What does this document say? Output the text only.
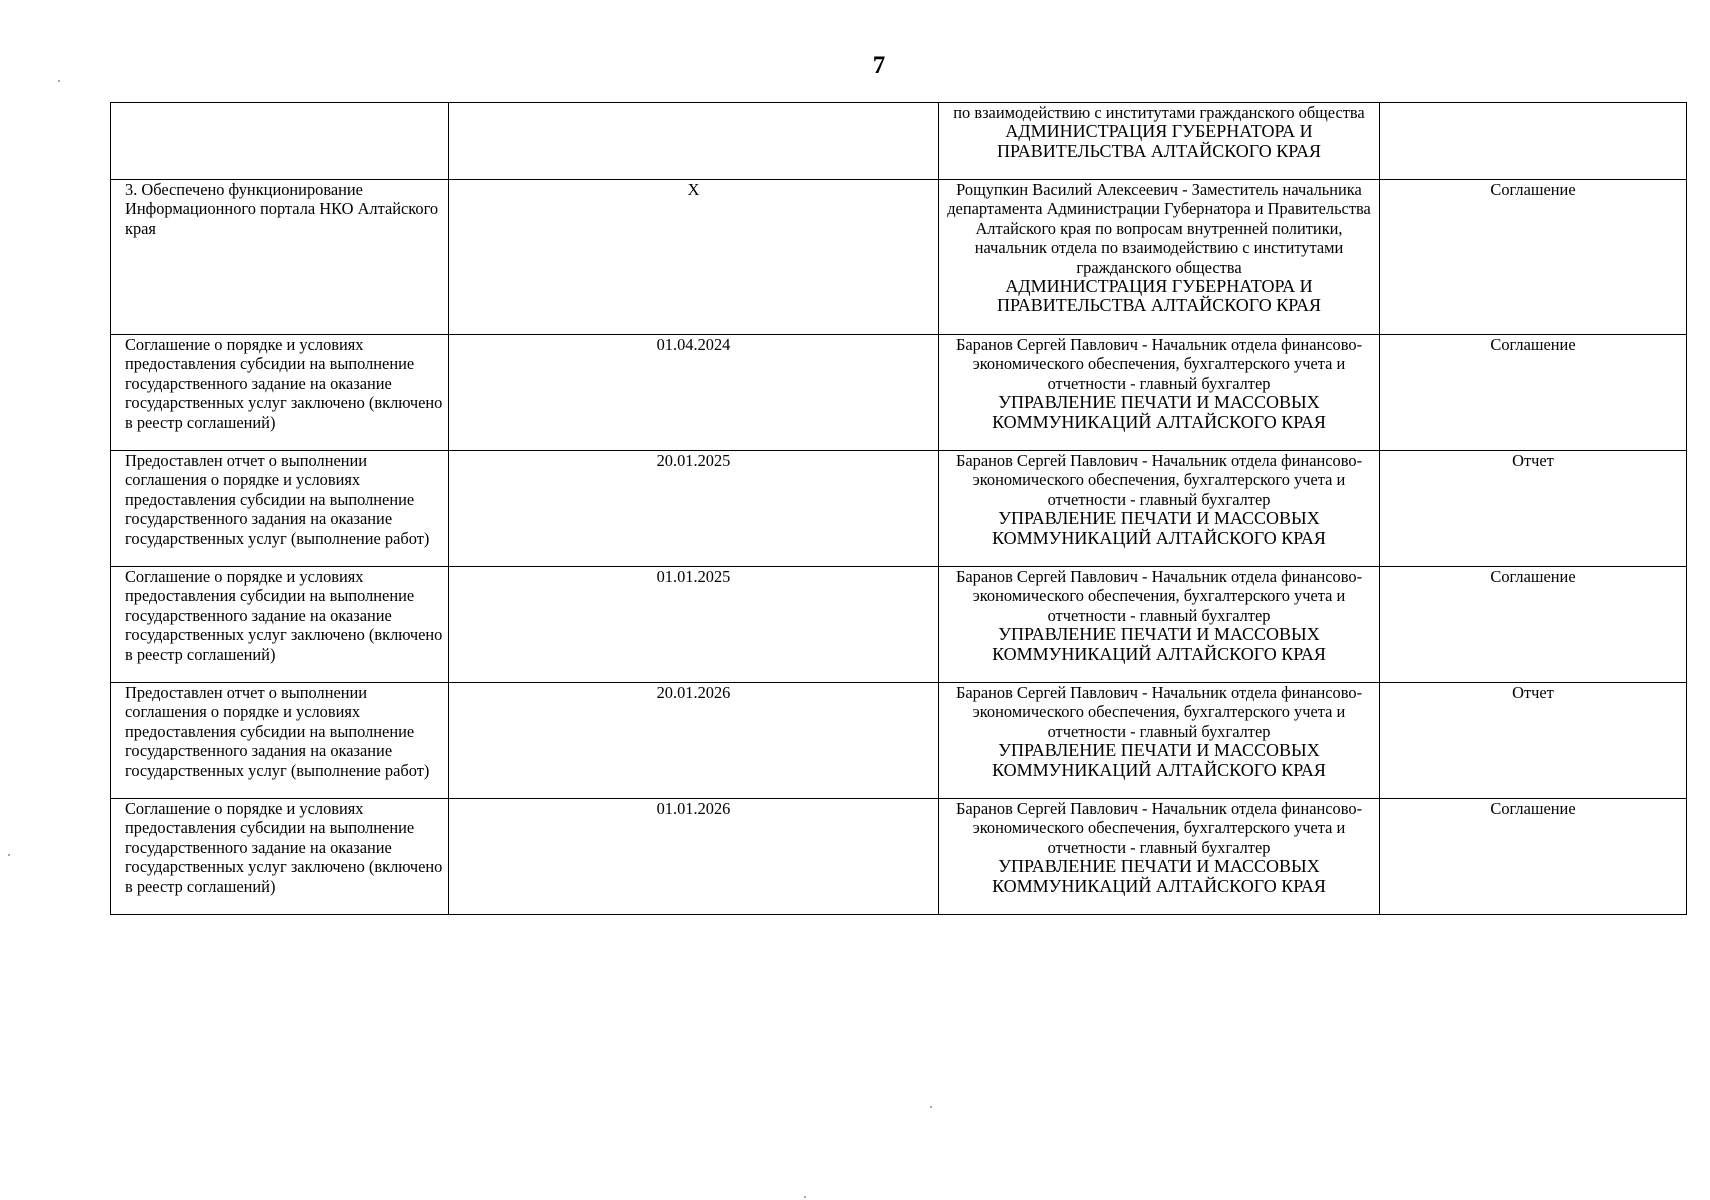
7

		по взаимодействию с институтами гражданского общества
АДМИНИСТРАЦИЯ ГУБЕРНАТОРА И ПРАВИТЕЛЬСТВА АЛТАЙСКОГО КРАЯ	

3. Обеспечено функционирование Информационного портала НКО Алтайского края	X	Рощупкин Василий Алексеевич - Заместитель начальника департамента Администрации Губернатора и Правительства Алтайского края по вопросам внутренней политики, начальник отдела по взаимодействию с институтами гражданского общества
АДМИНИСТРАЦИЯ ГУБЕРНАТОРА И ПРАВИТЕЛЬСТВА АЛТАЙСКОГО КРАЯ	Соглашение
Соглашение о порядке и условиях предоставления субсидии на выполнение государственного задание на оказание государственных услуг заключено (включено в реестр соглашений)	01.04.2024	Баранов Сергей Павлович - Начальник отдела финансово-экономического обеспечения, бухгалтерского учета и отчетности - главный бухгалтер
УПРАВЛЕНИЕ ПЕЧАТИ И МАССОВЫХ КОММУНИКАЦИЙ АЛТАЙСКОГО КРАЯ	Соглашение
Предоставлен отчет о выполнении соглашения о порядке и условиях предоставления субсидии на выполнение государственного задания на оказание государственных услуг (выполнение работ)	20.01.2025	Баранов Сергей Павлович - Начальник отдела финансово-экономического обеспечения, бухгалтерского учета и отчетности - главный бухгалтер
УПРАВЛЕНИЕ ПЕЧАТИ И МАССОВЫХ КОММУНИКАЦИЙ АЛТАЙСКОГО КРАЯ	Отчет
Соглашение о порядке и условиях предоставления субсидии на выполнение государственного задание на оказание государственных услуг заключено (включено в реестр соглашений)	01.01.2025	Баранов Сергей Павлович - Начальник отдела финансово-экономического обеспечения, бухгалтерского учета и отчетности - главный бухгалтер
УПРАВЛЕНИЕ ПЕЧАТИ И МАССОВЫХ КОММУНИКАЦИЙ АЛТАЙСКОГО КРАЯ	Соглашение
Предоставлен отчет о выполнении соглашения о порядке и условиях предоставления субсидии на выполнение государственного задания на оказание государственных услуг (выполнение работ)	20.01.2026	Баранов Сергей Павлович - Начальник отдела финансово-экономического обеспечения, бухгалтерского учета и отчетности - главный бухгалтер
УПРАВЛЕНИЕ ПЕЧАТИ И МАССОВЫХ КОММУНИКАЦИЙ АЛТАЙСКОГО КРАЯ	Отчет
Соглашение о порядке и условиях предоставления субсидии на выполнение государственного задание на оказание государственных услуг заключено (включено в реестр соглашений)	01.01.2026	Баранов Сергей Павлович - Начальник отдела финансово-экономического обеспечения, бухгалтерского учета и отчетности - главный бухгалтер
УПРАВЛЕНИЕ ПЕЧАТИ И МАССОВЫХ КОММУНИКАЦИЙ АЛТАЙСКОГО КРАЯ	Соглашение
